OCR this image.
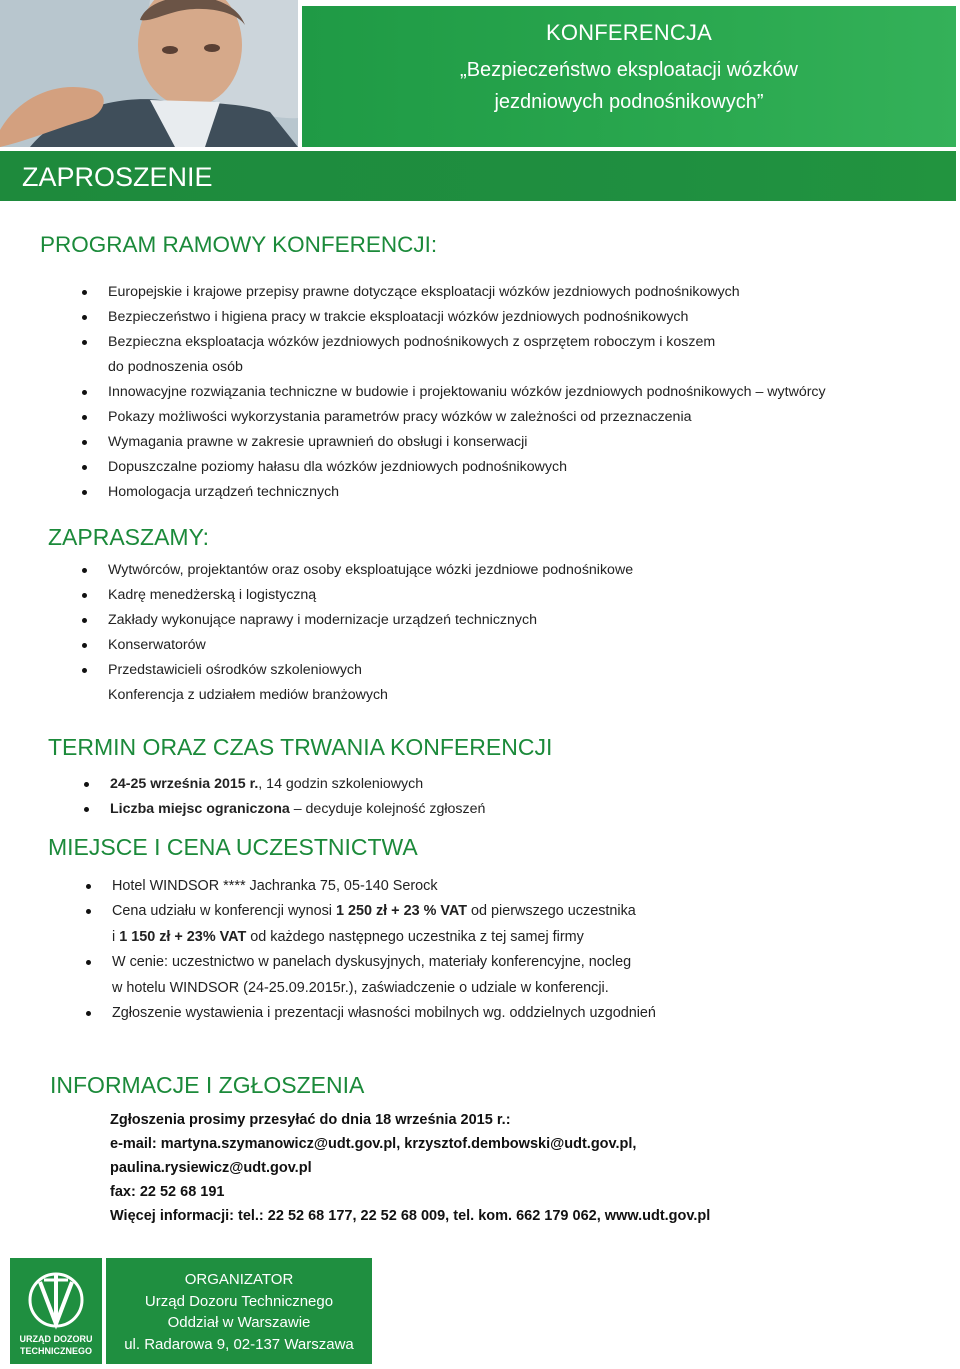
KONFERENCJA
„Bezpieczeństwo eksploatacji wózków
jezdniowych podnośnikowych”
ZAPROSZENIE
PROGRAM RAMOWY KONFERENCJI:
Europejskie i krajowe przepisy prawne dotyczące eksploatacji wózków jezdniowych podnośnikowych
Bezpieczeństwo i higiena pracy w trakcie eksploatacji wózków jezdniowych podnośnikowych
Bezpieczna eksploatacja wózków jezdniowych podnośnikowych z osprzętem roboczym i koszem
do podnoszenia osób
Innowacyjne rozwiązania techniczne w budowie i projektowaniu wózków jezdniowych podnośnikowych – wytwórcy
Pokazy możliwości wykorzystania parametrów pracy wózków w zależności od przeznaczenia
Wymagania prawne w zakresie uprawnień do obsługi i konserwacji
Dopuszczalne poziomy hałasu dla wózków jezdniowych podnośnikowych
Homologacja urządzeń technicznych
ZAPRASZAMY:
Wytwórców, projektantów oraz osoby eksploatujące wózki jezdniowe podnośnikowe
Kadrę menedżerską i logistyczną
Zakłady wykonujące naprawy i modernizacje urządzeń technicznych
Konserwatorów
Przedstawicieli ośrodków szkoleniowych
Konferencja z udziałem mediów branżowych
TERMIN ORAZ CZAS TRWANIA KONFERENCJI
24-25 września 2015 r., 14 godzin szkoleniowych
Liczba miejsc ograniczona – decyduje kolejność zgłoszeń
MIEJSCE I CENA UCZESTNICTWA
Hotel WINDSOR **** Jachranka 75, 05-140 Serock
Cena udziału w konferencji wynosi 1 250 zł + 23 % VAT od pierwszego uczestnika
i 1 150 zł + 23% VAT od każdego następnego uczestnika z tej samej firmy
W cenie: uczestnictwo w panelach dyskusyjnych, materiały konferencyjne, nocleg
w hotelu WINDSOR (24-25.09.2015r.), zaświadczenie o udziale w konferencji.
Zgłoszenie wystawienia i prezentacji własności mobilnych wg. oddzielnych uzgodnień
INFORMACJE I ZGŁOSZENIA
Zgłoszenia prosimy przesyłać do dnia 18 września 2015 r.:
e-mail: martyna.szymanowicz@udt.gov.pl, krzysztof.dembowski@udt.gov.pl,
paulina.rysiewicz@udt.gov.pl
fax: 22 52 68 191
Więcej informacji: tel.: 22 52 68 177, 22 52 68 009, tel. kom. 662 179 062, www.udt.gov.pl
URZĄD DOZORU
TECHNICZNEGO
ORGANIZATOR
Urząd Dozoru Technicznego
Oddział w Warszawie
ul. Radarowa 9, 02-137 Warszawa
